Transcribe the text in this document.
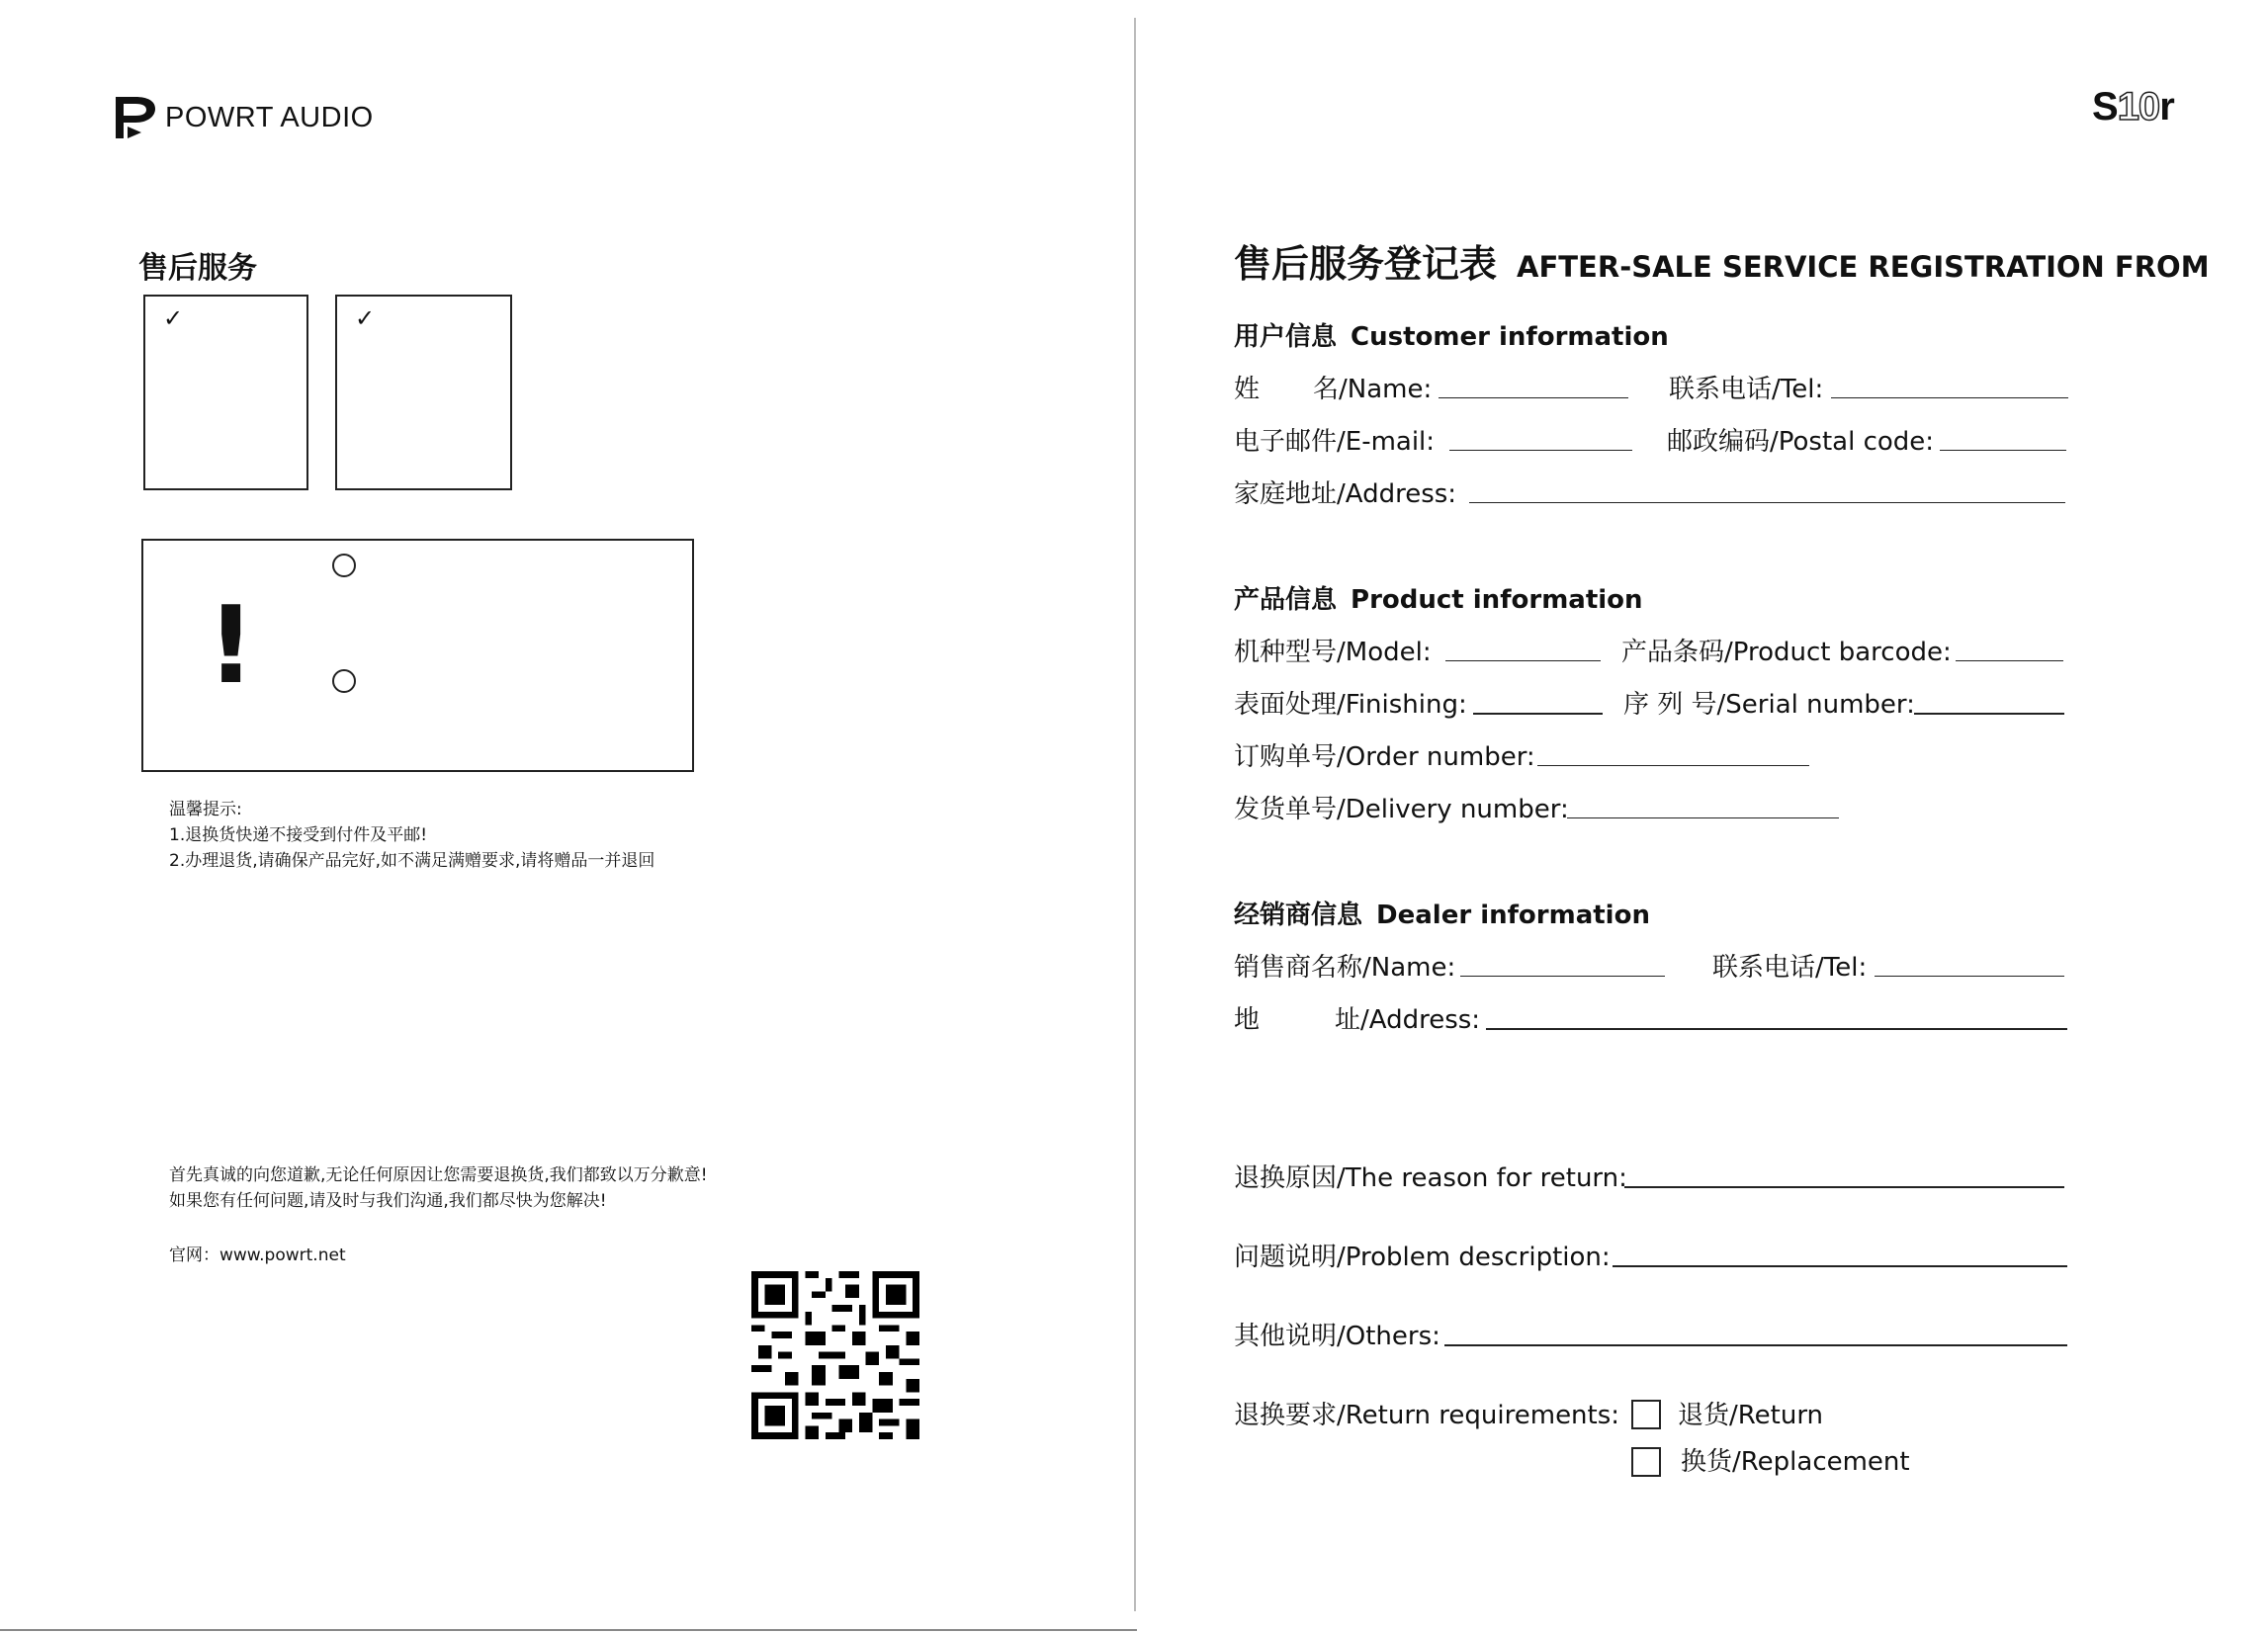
POWRT AUDIO
售后服务
✓	✓
!
温馨提示:
1.退换货快递不接受到付件及平邮!
2.办理退货,请确保产品完好,如不满足满赠要求,请将赠品一并退回
首先真诚的向您道歉,无论任何原因让您需要退换货,我们都致以万分歉意!
如果您有任何问题,请及时与我们沟通,我们都尽快为您解决!
官网：www.powrt.net
S10r
售后服务登记表 AFTER-SALE SERVICE REGISTRATION FROM
用户信息 Customer information
姓 名/Name:	联系电话/Tel:
电子邮件/E-mail:	邮政编码/Postal code:
家庭地址/Address:
产品信息 Product information
机种型号/Model:	产品条码/Product barcode:
表面处理/Finishing:	序 列 号/Serial number:
订购单号/Order number:
发货单号/Delivery number:
经销商信息 Dealer information
销售商名称/Name:	联系电话/Tel:
地	址/Address:
退换原因/The reason for return:
问题说明/Problem description:
其他说明/Others:
退换要求/Return requirements: 退货/Return
换货/Replacement
